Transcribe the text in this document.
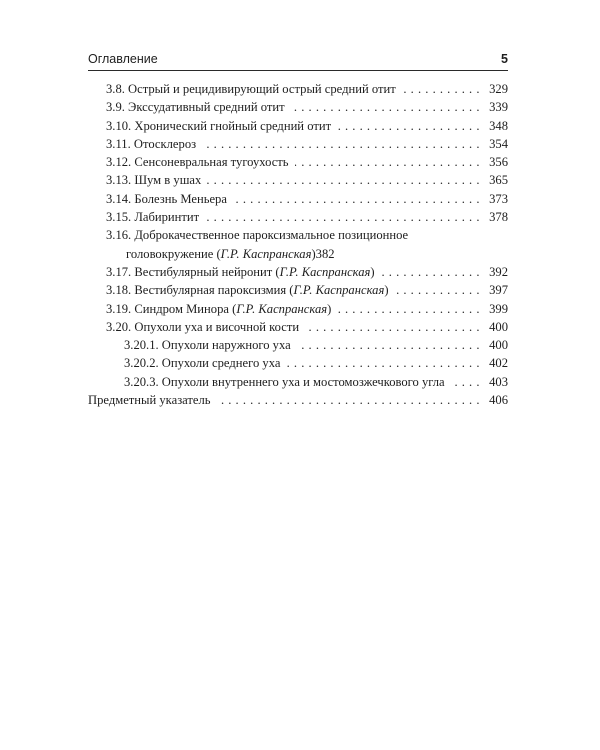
Оглавление	5
3.8. Острый и рецидивирующий острый средний отит . . .	329
3.9. Экссудативный средний отит . . .	339
3.10. Хронический гнойный средний отит . . .	348
3.11. Отосклероз . . .	354
3.12. Сенсоневральная тугоухость . . .	356
3.13. Шум в ушах . . .	365
3.14. Болезнь Меньера . . .	373
3.15. Лабиринтит . . .	378
3.16. Доброкачественное пароксизмальное позиционное
головокружение (Г.Р. Каспранская) 382
3.17. Вестибулярный нейронит (Г.Р. Каспранская) . . .	392
3.18. Вестибулярная пароксизмия (Г.Р. Каспранская) . . .	397
3.19. Синдром Минора (Г.Р. Каспранская) . . .	399
3.20. Опухоли уха и височной кости . . .	400
3.20.1. Опухоли наружного уха . . .	400
3.20.2. Опухоли среднего уха . . .	402
3.20.3. Опухоли внутреннего уха и мостомозжечкового угла . . .	403
Предметный указатель . . .	406
